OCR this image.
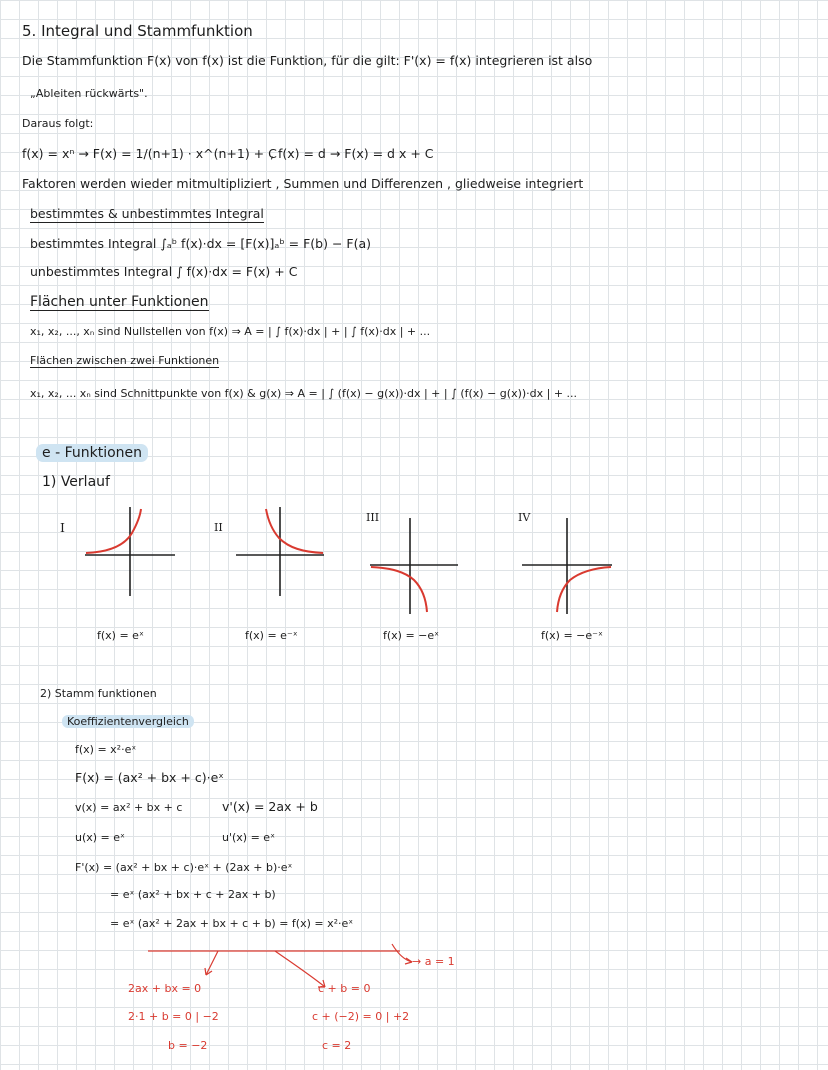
5. Integral und Stammfunktion
Die Stammfunktion F(x) von f(x) ist die Funktion, für die gilt: F'(x) = f(x) integrieren ist also
„Ableiten rückwärts".
Daraus folgt:
f(x) = xⁿ → F(x) = 1/(n+1) · x^(n+1) + C
, f(x) = d → F(x) = d x + C
Faktoren werden wieder mitmultipliziert , Summen und Differenzen , gliedweise integriert
bestimmtes & unbestimmtes Integral
bestimmtes Integral ∫ₐᵇ f(x)·dx = [F(x)]ₐᵇ = F(b) − F(a)
unbestimmtes Integral ∫ f(x)·dx = F(x) + C
Flächen unter Funktionen
x₁, x₂, ..., xₙ sind Nullstellen von f(x) ⇒ A = | ∫ f(x)·dx | + | ∫ f(x)·dx | + ...
Flächen zwischen zwei Funktionen
x₁, x₂, ... xₙ sind Schnittpunkte von f(x) & g(x) ⇒ A = | ∫ (f(x) − g(x))·dx | + | ∫ (f(x) − g(x))·dx | + ...
e - Funktionen
1) Verlauf
I	II
III	IV
f(x) = eˣ	f(x) = e⁻ˣ	f(x) = −eˣ	f(x) = −e⁻ˣ
2) Stamm funktionen
Koeffizientenvergleich
f(x) = x²·eˣ
F(x) = (ax² + bx + c)·eˣ
v(x) = ax² + bx + c	v'(x) = 2ax + b
u(x) = eˣ	u'(x) = eˣ
F'(x) = (ax² + bx + c)·eˣ + (2ax + b)·eˣ
= eˣ (ax² + bx + c + 2ax + b)
= eˣ (ax² + 2ax + bx + c + b) = f(x) = x²·eˣ
→ a = 1
2ax + bx = 0
2·1 + b = 0 | −2
b = −2
c + b = 0
c + (−2) = 0 | +2
c = 2
